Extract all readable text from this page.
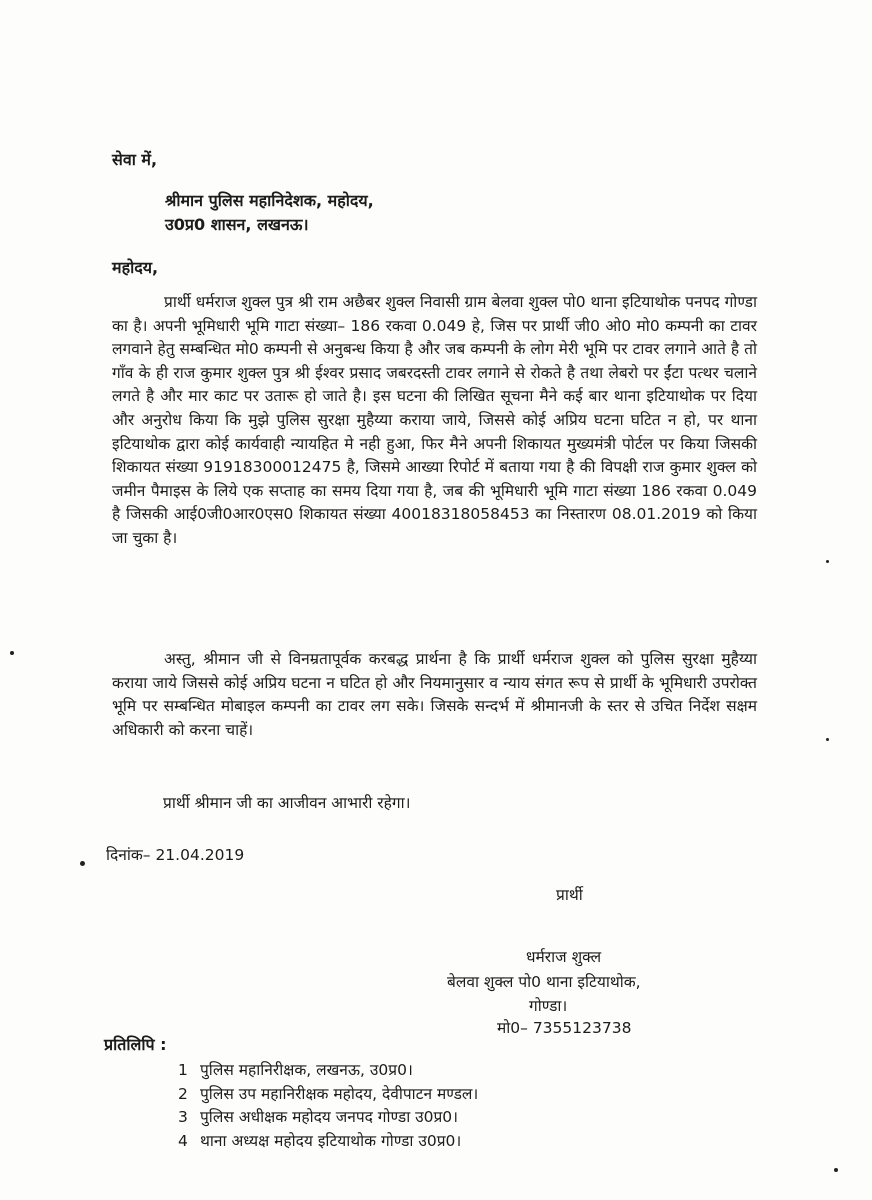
सेवा में,
श्रीमान पुलिस महानिदेशक, महोदय,
उ0प्र0 शासन, लखनऊ।
महोदय,
प्रार्थी धर्मराज शुक्ल पुत्र श्री राम अछैबर शुक्ल निवासी ग्राम बेलवा शुक्ल पो0 थाना इटियाथोक पनपद गोण्डा का है। अपनी भूमिधारी भूमि गाटा संख्या– 186 रकवा 0.049 हे, जिस पर प्रार्थी जी0 ओ0 मो0 कम्पनी का टावर लगवाने हेतु सम्बन्धित मो0 कम्पनी से अनुबन्ध किया है और जब कम्पनी के लोग मेरी भूमि पर टावर लगाने आते है तो गाँव के ही राज कुमार शुक्ल पुत्र श्री ईश्वर प्रसाद जबरदस्ती टावर लगाने से रोकते है तथा लेबरो पर ईंटा पत्थर चलाने लगते है और मार काट पर उतारू हो जाते है। इस घटना की लिखित सूचना मैने कई बार थाना इटियाथोक पर दिया और अनुरोध किया कि मुझे पुलिस सुरक्षा मुहैय्या कराया जाये, जिससे कोई अप्रिय घटना घटित न हो, पर थाना इटियाथोक द्वारा कोई कार्यवाही न्यायहित मे नही हुआ, फिर मैने अपनी शिकायत मुख्यमंत्री पोर्टल पर किया जिसकी शिकायत संख्या 91918300012475 है, जिसमे आख्या रिपोर्ट में बताया गया है की विपक्षी राज कुमार शुक्ल को जमीन पैमाइस के लिये एक सप्ताह का समय दिया गया है, जब की भूमिधारी भूमि गाटा संख्या 186 रकवा 0.049 है जिसकी आई0जी0आर0एस0 शिकायत संख्या 40018318058453 का निस्तारण 08.01.2019 को किया जा चुका है।
अस्तु, श्रीमान जी से विनम्रतापूर्वक करबद्ध प्रार्थना है कि प्रार्थी धर्मराज शुक्ल को पुलिस सुरक्षा मुहैय्या कराया जाये जिससे कोई अप्रिय घटना न घटित हो और नियमानुसार व न्याय संगत रूप से प्रार्थी के भूमिधारी उपरोक्त भूमि पर सम्बन्धित मोबाइल कम्पनी का टावर लग सके। जिसके सन्दर्भ में श्रीमानजी के स्तर से उचित निर्देश सक्षम अधिकारी को करना चाहें।
प्रार्थी श्रीमान जी का आजीवन आभारी रहेगा।
दिनांक– 21.04.2019
प्रार्थी
धर्मराज शुक्ल
बेलवा शुक्ल पो0 थाना इटियाथोक,
गोण्डा।
मो0– 7355123738
प्रतिलिपि :
1 पुलिस महानिरीक्षक, लखनऊ, उ0प्र0।
2 पुलिस उप महानिरीक्षक महोदय, देवीपाटन मण्डल।
3 पुलिस अधीक्षक महोदय जनपद गोण्डा उ0प्र0।
4 थाना अध्यक्ष महोदय इटियाथोक गोण्डा उ0प्र0।
